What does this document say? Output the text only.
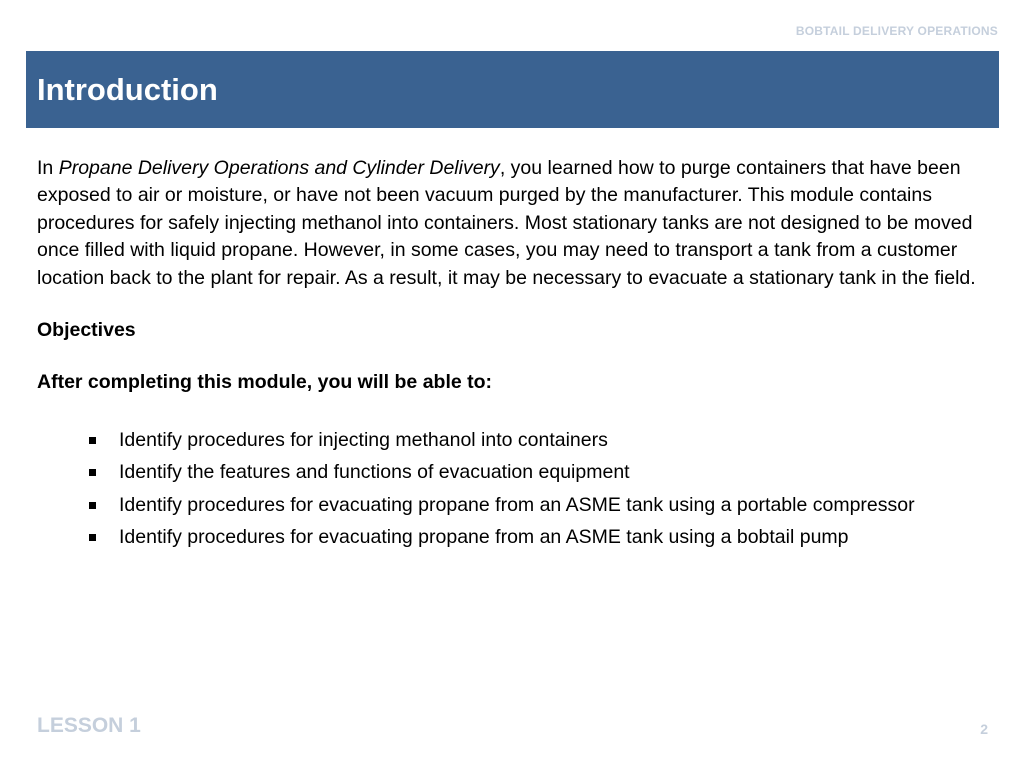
BOBTAIL DELIVERY OPERATIONS
Introduction

In Propane Delivery Operations and Cylinder Delivery, you learned how to purge containers that have been exposed to air or moisture, or have not been vacuum purged by the manufacturer. This module contains procedures for safely injecting methanol into containers. Most stationary tanks are not designed to be moved once filled with liquid propane. However, in some cases, you may need to transport a tank from a customer location back to the plant for repair. As a result, it may be necessary to evacuate a stationary tank in the field.

Objectives

After completing this module, you will be able to:

Identify procedures for injecting methanol into containers
Identify the features and functions of evacuation equipment
Identify procedures for evacuating propane from an ASME tank using a portable compressor
Identify procedures for evacuating propane from an ASME tank using a bobtail pump
LESSON 1	2
